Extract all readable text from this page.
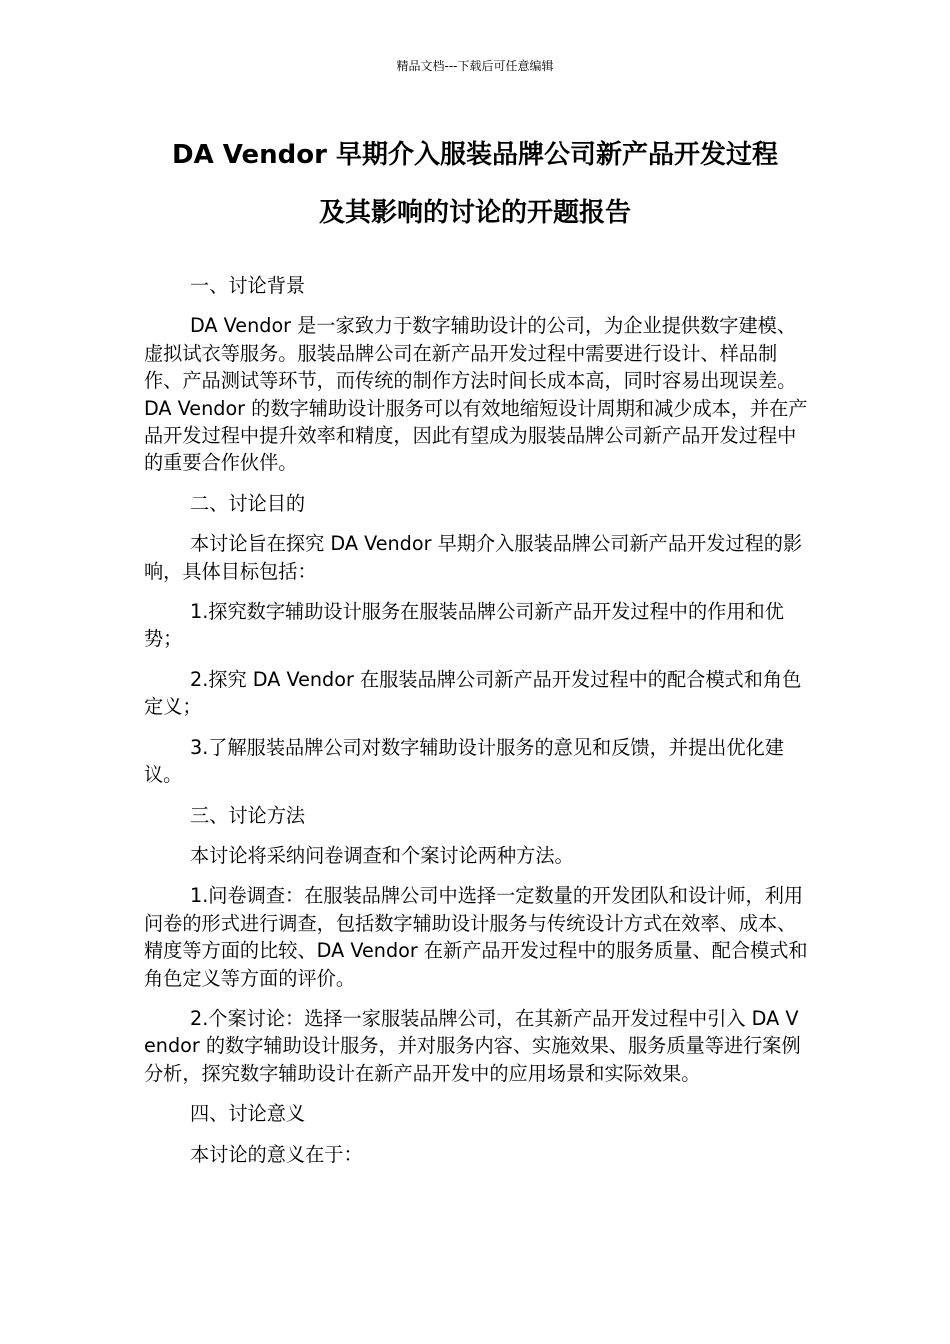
精品文档---下载后可任意编辑
DA Vendor 早期介入服装品牌公司新产品开发过程
及其影响的讨论的开题报告

一、讨论背景

DA Vendor 是一家致力于数字辅助设计的公司，为企业提供数字建模、虚拟试衣等服务。服装品牌公司在新产品开发过程中需要进行设计、样品制作、产品测试等环节，而传统的制作方法时间长成本高，同时容易出现误差。DA Vendor 的数字辅助设计服务可以有效地缩短设计周期和减少成本，并在产品开发过程中提升效率和精度，因此有望成为服装品牌公司新产品开发过程中的重要合作伙伴。

二、讨论目的

本讨论旨在探究 DA Vendor 早期介入服装品牌公司新产品开发过程的影响，具体目标包括：

1.探究数字辅助设计服务在服装品牌公司新产品开发过程中的作用和优势；

2.探究 DA Vendor 在服装品牌公司新产品开发过程中的配合模式和角色定义；

3.了解服装品牌公司对数字辅助设计服务的意见和反馈，并提出优化建议。

三、讨论方法

本讨论将采纳问卷调查和个案讨论两种方法。

1.问卷调查：在服装品牌公司中选择一定数量的开发团队和设计师，利用问卷的形式进行调查，包括数字辅助设计服务与传统设计方式在效率、成本、精度等方面的比较、DA Vendor 在新产品开发过程中的服务质量、配合模式和角色定义等方面的评价。

2.个案讨论：选择一家服装品牌公司，在其新产品开发过程中引入 DA Vendor 的数字辅助设计服务，并对服务内容、实施效果、服务质量等进行案例分析，探究数字辅助设计在新产品开发中的应用场景和实际效果。

四、讨论意义

本讨论的意义在于：
